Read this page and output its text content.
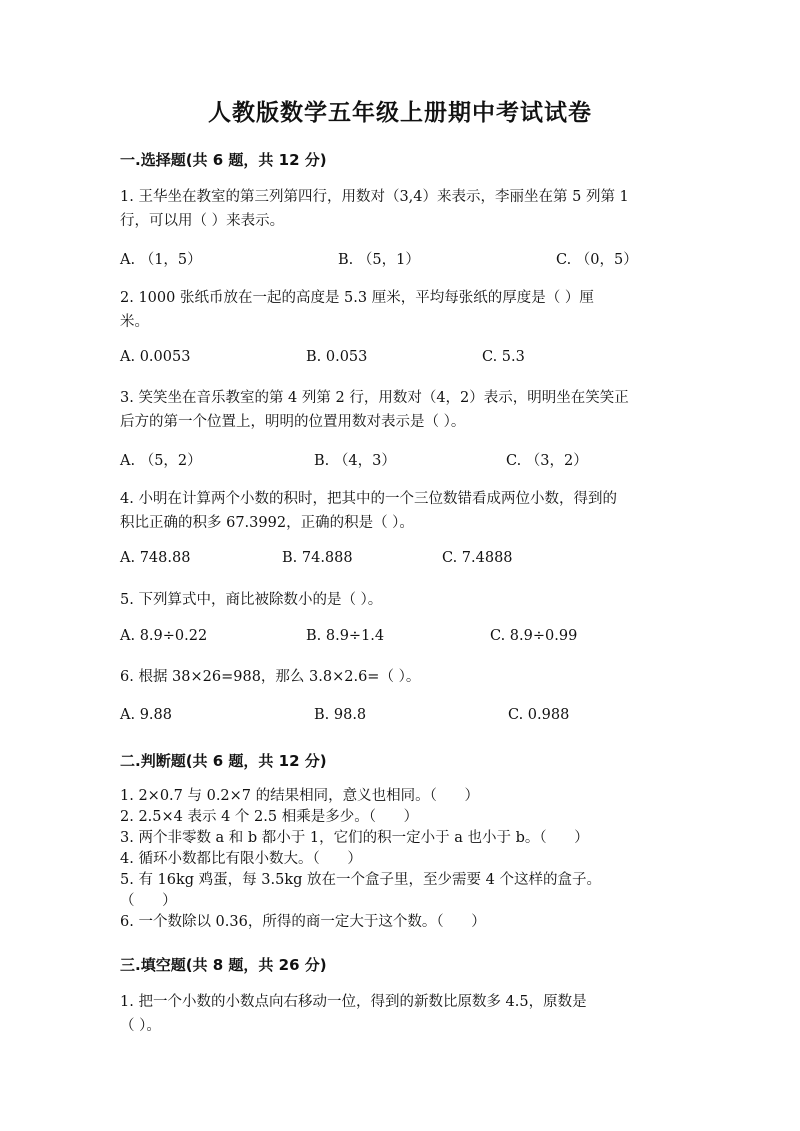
人教版数学五年级上册期中考试试卷
一.选择题(共 6 题，共 12 分)
1. 王华坐在教室的第三列第四行，用数对（3,4）来表示，李丽坐在第 5 列第 1
行，可以用（ ）来表示。
A. （1，5）	B. （5，1）	C. （0，5）
2. 1000 张纸币放在一起的高度是 5.3 厘米，平均每张纸的厚度是（ ）厘
米。
A. 0.0053	B. 0.053	C. 5.3
3. 笑笑坐在音乐教室的第 4 列第 2 行，用数对（4，2）表示，明明坐在笑笑正
后方的第一个位置上，明明的位置用数对表示是（ ）。
A. （5，2）	B. （4，3）	C. （3，2）
4. 小明在计算两个小数的积时，把其中的一个三位数错看成两位小数，得到的
积比正确的积多 67.3992，正确的积是（ ）。
A. 748.88	B. 74.888	C. 7.4888
5. 下列算式中，商比被除数小的是（ ）。
A. 8.9÷0.22	B. 8.9÷1.4	C. 8.9÷0.99
6. 根据 38×26=988，那么 3.8×2.6=（ ）。
A. 9.88	B. 98.8	C. 0.988
二.判断题(共 6 题，共 12 分)
1. 2×0.7 与 0.2×7 的结果相同，意义也相同。（      ）
2. 2.5×4 表示 4 个 2.5 相乘是多少。（      ）
3. 两个非零数 a 和 b 都小于 1，它们的积一定小于 a 也小于 b。（      ）
4. 循环小数都比有限小数大。（      ）
5. 有 16kg 鸡蛋，每 3.5kg 放在一个盒子里，至少需要 4 个这样的盒子。
（      ）
6. 一个数除以 0.36，所得的商一定大于这个数。（      ）
三.填空题(共 8 题，共 26 分)
1. 把一个小数的小数点向右移动一位，得到的新数比原数多 4.5，原数是
（ ）。
